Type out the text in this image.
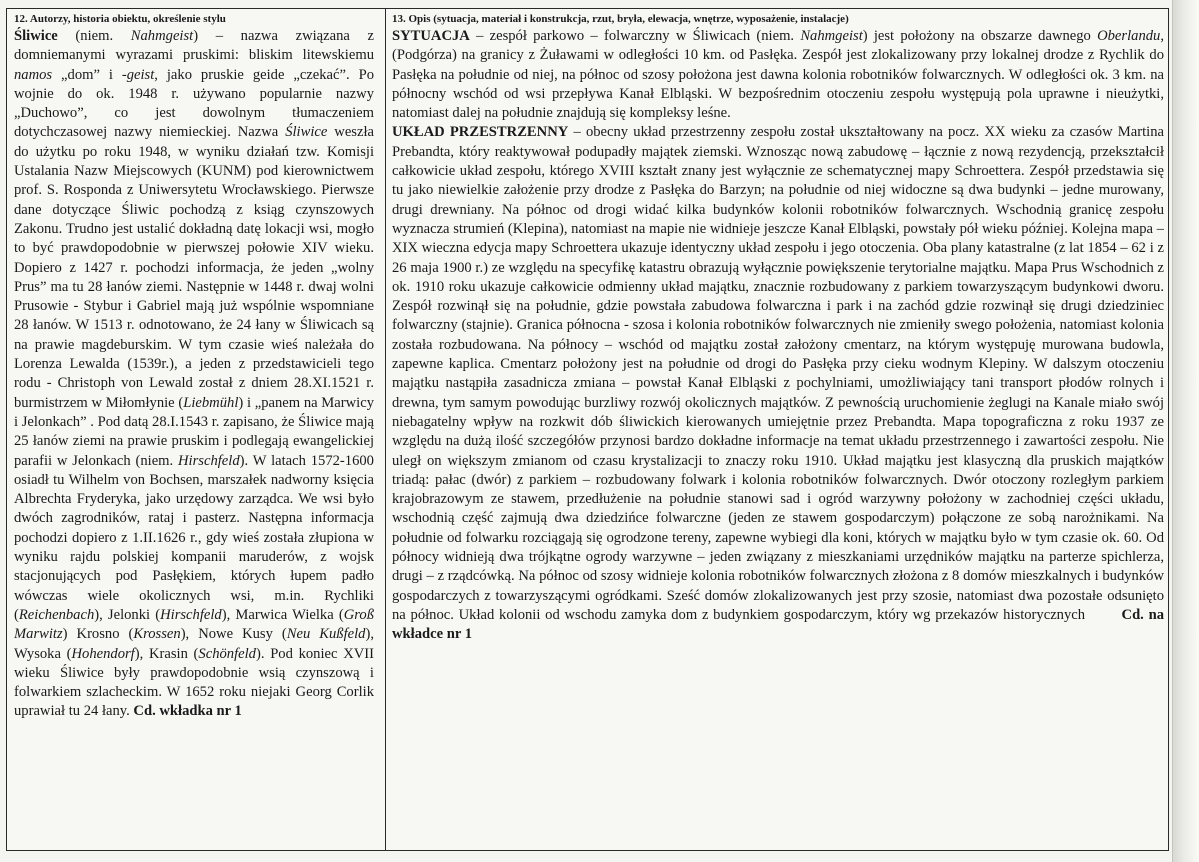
12. Autorzy, historia obiektu, określenie stylu

Śliwice (niem. Nahmgeist) – nazwa związana z domniemanymi wyrazami pruskimi: bliskim litewskiemu namos „dom” i -geist, jako pruskie geide „czekać”. Po wojnie do ok. 1948 r. używano popularnie nazwy „Duchowo”, co jest dowolnym tłumaczeniem dotychczasowej nazwy niemieckiej. Nazwa Śliwice weszła do użytku po roku 1948, w wyniku działań tzw. Komisji Ustalania Nazw Miejscowych (KUNM) pod kierownictwem prof. S. Rosponda z Uniwersytetu Wrocławskiego. Pierwsze dane dotyczące Śliwic pochodzą z ksiąg czynszowych Zakonu. Trudno jest ustalić dokładną datę lokacji wsi, mogło to być prawdopodobnie w pierwszej połowie XIV wieku. Dopiero z 1427 r. pochodzi informacja, że jeden „wolny Prus” ma tu 28 łanów ziemi. Następnie w 1448 r. dwaj wolni Prusowie - Stybur i Gabriel mają już wspólnie wspomniane 28 łanów. W 1513 r. odnotowano, że 24 łany w Śliwicach są na prawie magdeburskim. W tym czasie wieś należała do Lorenza Lewalda (1539r.), a jeden z przedstawicieli tego rodu - Christoph von Lewald został z dniem 28.XI.1521 r. burmistrzem w Miłomłynie (Liebmühl) i „panem na Marwicy i Jelonkach” . Pod datą 28.I.1543 r. zapisano, że Śliwice mają 25 łanów ziemi na prawie pruskim i podlegają ewangelickiej parafii w Jelonkach (niem. Hirschfeld). W latach 1572-1600 osiadł tu Wilhelm von Bochsen, marszałek nadworny księcia Albrechta Fryderyka, jako urzędowy zarządca. We wsi było dwóch zagrodników, rataj i pasterz. Następna informacja pochodzi dopiero z 1.II.1626 r., gdy wieś została złupiona w wyniku rajdu polskiej kompanii maruderów, z wojsk stacjonujących pod Pasłękiem, których łupem padło wówczas wiele okolicznych wsi, m.in. Rychliki (Reichenbach), Jelonki (Hirschfeld), Marwica Wielka (Groß Marwitz) Krosno (Krossen), Nowe Kusy (Neu Kußfeld), Wysoka (Hohendorf), Krasin (Schönfeld). Pod koniec XVII wieku Śliwice były prawdopodobnie wsią czynszową i folwarkiem szlacheckim. W 1652 roku niejaki Georg Corlik uprawiał tu 24 łany. Cd. wkładka nr 1

13. Opis (sytuacja, materiał i konstrukcja, rzut, bryła, elewacja, wnętrze, wyposażenie, instalacje)

SYTUACJA – zespół parkowo – folwarczny w Śliwicach (niem. Nahmgeist) jest położony na obszarze dawnego Oberlandu, (Podgórza) na granicy z Żuławami w odległości 10 km. od Pasłęka. Zespół jest zlokalizowany przy lokalnej drodze z Rychlik do Pasłęka na południe od niej, na północ od szosy położona jest dawna kolonia robotników folwarcznych. W odległości ok. 3 km. na północny wschód od wsi przepływa Kanał Elbląski. W bezpośrednim otoczeniu zespołu występują pola uprawne i nieużytki, natomiast dalej na południe znajdują się kompleksy leśne.

UKŁAD PRZESTRZENNY – obecny układ przestrzenny zespołu został ukształtowany na pocz. XX wieku za czasów Martina Prebandta, który reaktywował podupadły majątek ziemski. Wznosząc nową zabudowę – łącznie z nową rezydencją, przekształcił całkowicie układ zespołu, którego XVIII kształt znany jest wyłącznie ze schematycznej mapy Schroettera. Zespół przedstawia się tu jako niewielkie założenie przy drodze z Pasłęka do Barzyn; na południe od niej widoczne są dwa budynki – jedne murowany, drugi drewniany. Na północ od drogi widać kilka budynków kolonii robotników folwarcznych. Wschodnią granicę zespołu wyznacza strumień (Klepina), natomiast na mapie nie widnieje jeszcze Kanał Elbląski, powstały pół wieku później. Kolejna mapa – XIX wieczna edycja mapy Schroettera ukazuje identyczny układ zespołu i jego otoczenia. Oba plany katastralne (z lat 1854 – 62 i z 26 maja 1900 r.) ze względu na specyfikę katastru obrazują wyłącznie powiększenie terytorialne majątku. Mapa Prus Wschodnich z ok. 1910 roku ukazuje całkowicie odmienny układ majątku, znacznie rozbudowany z parkiem towarzyszącym budynkowi dworu. Zespół rozwinął się na południe, gdzie powstała zabudowa folwarczna i park i na zachód gdzie rozwinął się drugi dziedziniec folwarczny (stajnie). Granica północna - szosa i kolonia robotników folwarcznych nie zmieniły swego położenia, natomiast kolonia została rozbudowana. Na północy – wschód od majątku został założony cmentarz, na którym występuję murowana budowla, zapewne kaplica. Cmentarz położony jest na południe od drogi do Pasłęka przy cieku wodnym Klepiny. W dalszym otoczeniu majątku nastąpiła zasadnicza zmiana – powstał Kanał Elbląski z pochylniami, umożliwiający tani transport płodów rolnych i drewna, tym samym powodując burzliwy rozwój okolicznych majątków. Z pewnością uruchomienie żeglugi na Kanale miało swój niebagatelny wpływ na rozkwit dób śliwickich kierowanych umiejętnie przez Prebandta. Mapa topograficzna z roku 1937 ze względu na dużą ilość szczegółów przynosi bardzo dokładne informacje na temat układu przestrzennego i zawartości zespołu. Nie uległ on większym zmianom od czasu krystalizacji to znaczy roku 1910. Układ majątku jest klasyczną dla pruskich majątków triadą: pałac (dwór) z parkiem – rozbudowany folwark i kolonia robotników folwarcznych. Dwór otoczony rozległym parkiem krajobrazowym ze stawem, przedłużenie na południe stanowi sad i ogród warzywny położony w zachodniej części układu, wschodnią część zajmują dwa dziedzińce folwarczne (jeden ze stawem gospodarczym) połączone ze sobą narożnikami. Na południe od folwarku rozciągają się ogrodzone tereny, zapewne wybiegi dla koni, których w majątku było w tym czasie ok. 60. Od północy widnieją dwa trójkątne ogrody warzywne – jeden związany z mieszkaniami urzędników majątku na parterze spichlerza, drugi – z rządcówką. Na północ od szosy widnieje kolonia robotników folwarcznych złożona z 8 domów mieszkalnych i budynków gospodarczych z towarzyszącymi ogródkami. Sześć domów zlokalizowanych jest przy szosie, natomiast dwa pozostałe odsunięto na północ. Układ kolonii od wschodu zamyka dom z budynkiem gospodarczym, który wg przekazów historycznych    Cd. na wkładce nr 1
